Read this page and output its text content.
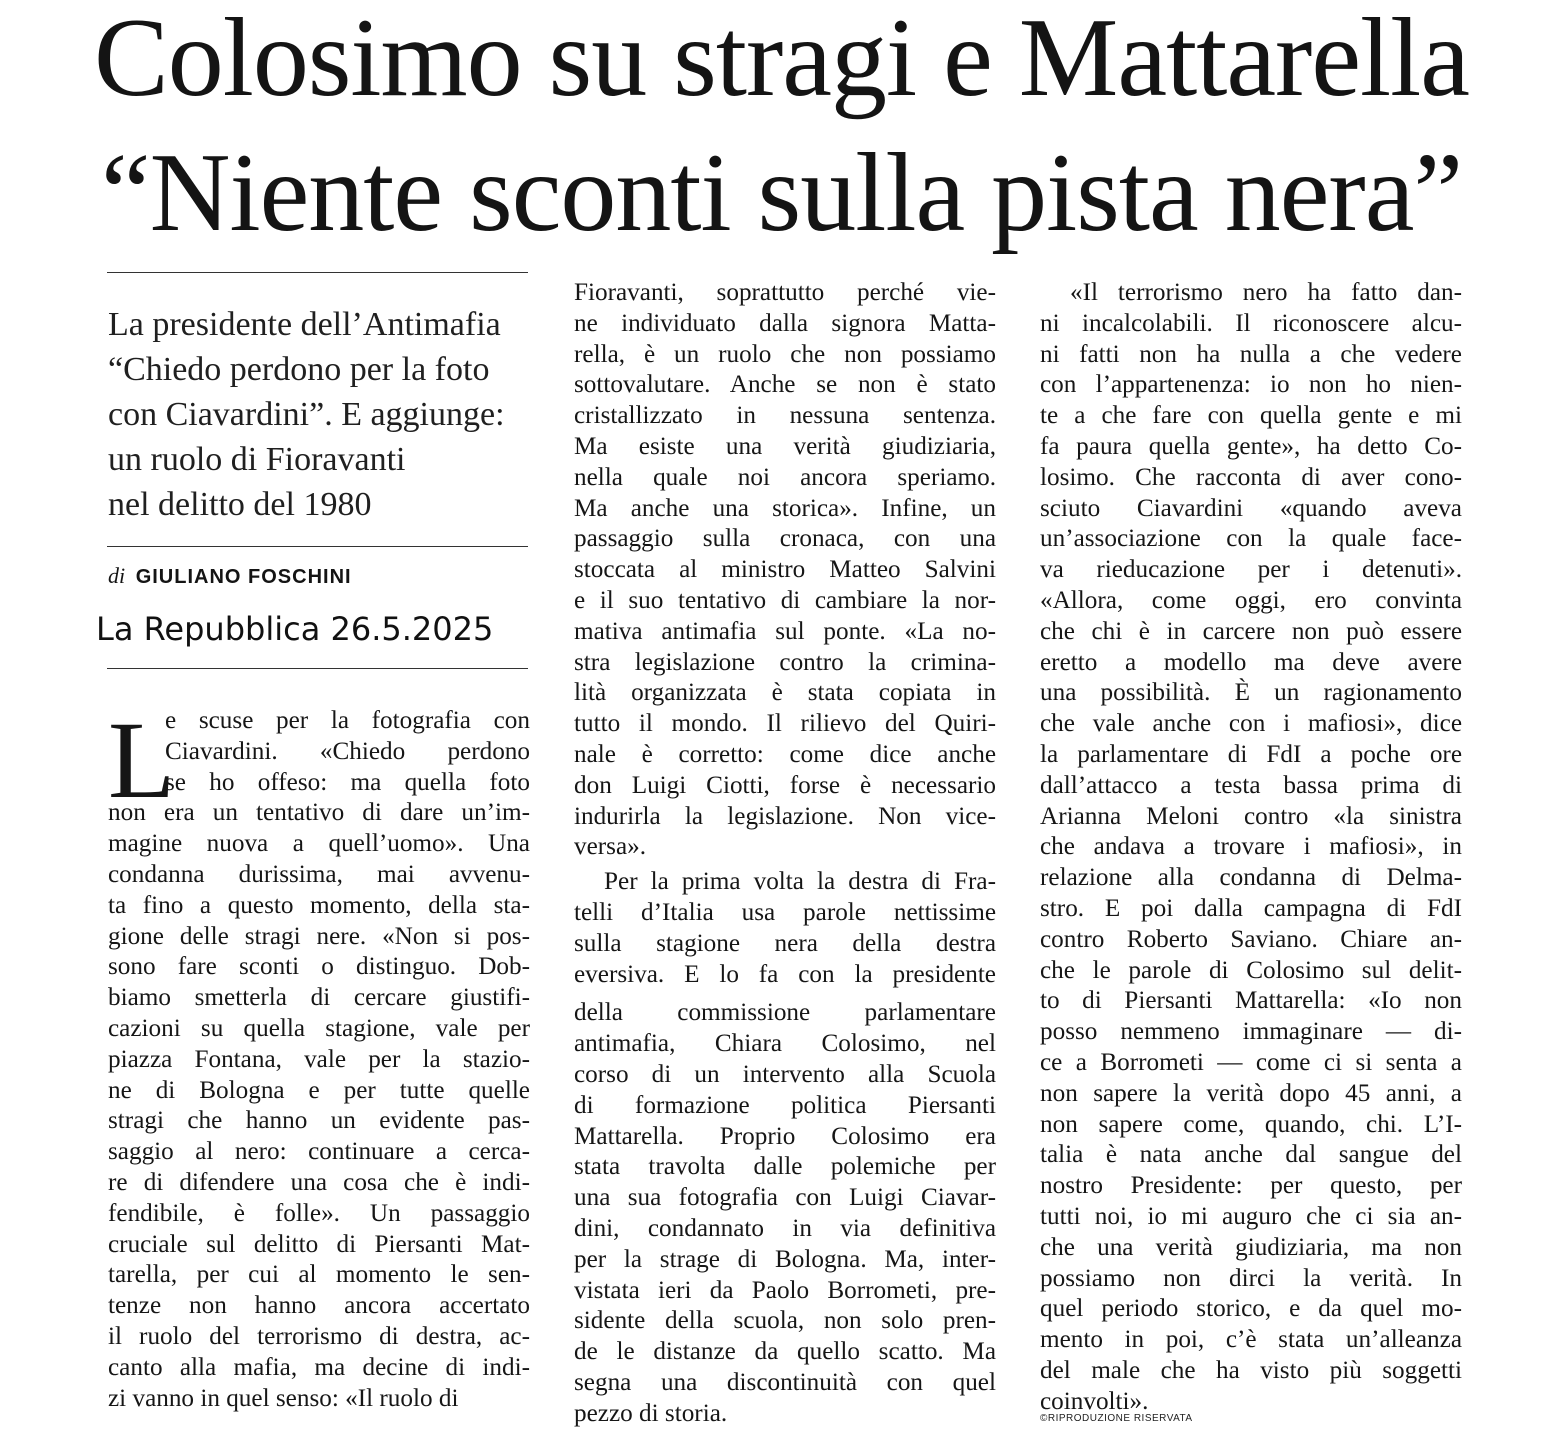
Colosimo su stragi e Mattarella
“Niente sconti sulla pista nera”
La presidente dell’Antimafia
“Chiedo perdono per la foto
con Ciavardini”. E aggiunge:
un ruolo di Fioravanti
nel delitto del 1980
di GIULIANO FOSCHINI
La Repubblica 26.5.2025
L
e scuse per la fotografia con
Ciavardini. «Chiedo perdono
se ho offeso: ma quella foto
non era un tentativo di dare un’im-
magine nuova a quell’uomo». Una
condanna durissima, mai avvenu-
ta fino a questo momento, della sta-
gione delle stragi nere. «Non si pos-
sono fare sconti o distinguo. Dob-
biamo smetterla di cercare giustifi-
cazioni su quella stagione, vale per
piazza Fontana, vale per la stazio-
ne di Bologna e per tutte quelle
stragi che hanno un evidente pas-
saggio al nero: continuare a cerca-
re di difendere una cosa che è indi-
fendibile, è folle». Un passaggio
cruciale sul delitto di Piersanti Mat-
tarella, per cui al momento le sen-
tenze non hanno ancora accertato
il ruolo del terrorismo di destra, ac-
canto alla mafia, ma decine di indi-
zi vanno in quel senso: «Il ruolo di
Fioravanti, soprattutto perché vie-
ne individuato dalla signora Matta-
rella, è un ruolo che non possiamo
sottovalutare. Anche se non è stato
cristallizzato in nessuna sentenza.
Ma esiste una verità giudiziaria,
nella quale noi ancora speriamo.
Ma anche una storica». Infine, un
passaggio sulla cronaca, con una
stoccata al ministro Matteo Salvini
e il suo tentativo di cambiare la nor-
mativa antimafia sul ponte. «La no-
stra legislazione contro la crimina-
lità organizzata è stata copiata in
tutto il mondo. Il rilievo del Quiri-
nale è corretto: come dice anche
don Luigi Ciotti, forse è necessario
indurirla la legislazione. Non vice-
versa».
Per la prima volta la destra di Fra-
telli d’Italia usa parole nettissime
sulla stagione nera della destra
eversiva. E lo fa con la presidente
della commissione parlamentare
antimafia, Chiara Colosimo, nel
corso di un intervento alla Scuola
di formazione politica Piersanti
Mattarella. Proprio Colosimo era
stata travolta dalle polemiche per
una sua fotografia con Luigi Ciavar-
dini, condannato in via definitiva
per la strage di Bologna. Ma, inter-
vistata ieri da Paolo Borrometi, pre-
sidente della scuola, non solo pren-
de le distanze da quello scatto. Ma
segna una discontinuità con quel
pezzo di storia.
«Il terrorismo nero ha fatto dan-
ni incalcolabili. Il riconoscere alcu-
ni fatti non ha nulla a che vedere
con l’appartenenza: io non ho nien-
te a che fare con quella gente e mi
fa paura quella gente», ha detto Co-
losimo. Che racconta di aver cono-
sciuto Ciavardini «quando aveva
un’associazione con la quale face-
va rieducazione per i detenuti».
«Allora, come oggi, ero convinta
che chi è in carcere non può essere
eretto a modello ma deve avere
una possibilità. È un ragionamento
che vale anche con i mafiosi», dice
la parlamentare di FdI a poche ore
dall’attacco a testa bassa prima di
Arianna Meloni contro «la sinistra
che andava a trovare i mafiosi», in
relazione alla condanna di Delma-
stro. E poi dalla campagna di FdI
contro Roberto Saviano. Chiare an-
che le parole di Colosimo sul delit-
to di Piersanti Mattarella: «Io non
posso nemmeno immaginare — di-
ce a Borrometi — come ci si senta a
non sapere la verità dopo 45 anni, a
non sapere come, quando, chi. L’I-
talia è nata anche dal sangue del
nostro Presidente: per questo, per
tutti noi, io mi auguro che ci sia an-
che una verità giudiziaria, ma non
possiamo non dirci la verità. In
quel periodo storico, e da quel mo-
mento in poi, c’è stata un’alleanza
del male che ha visto più soggetti
coinvolti».
©RIPRODUZIONE RISERVATA
